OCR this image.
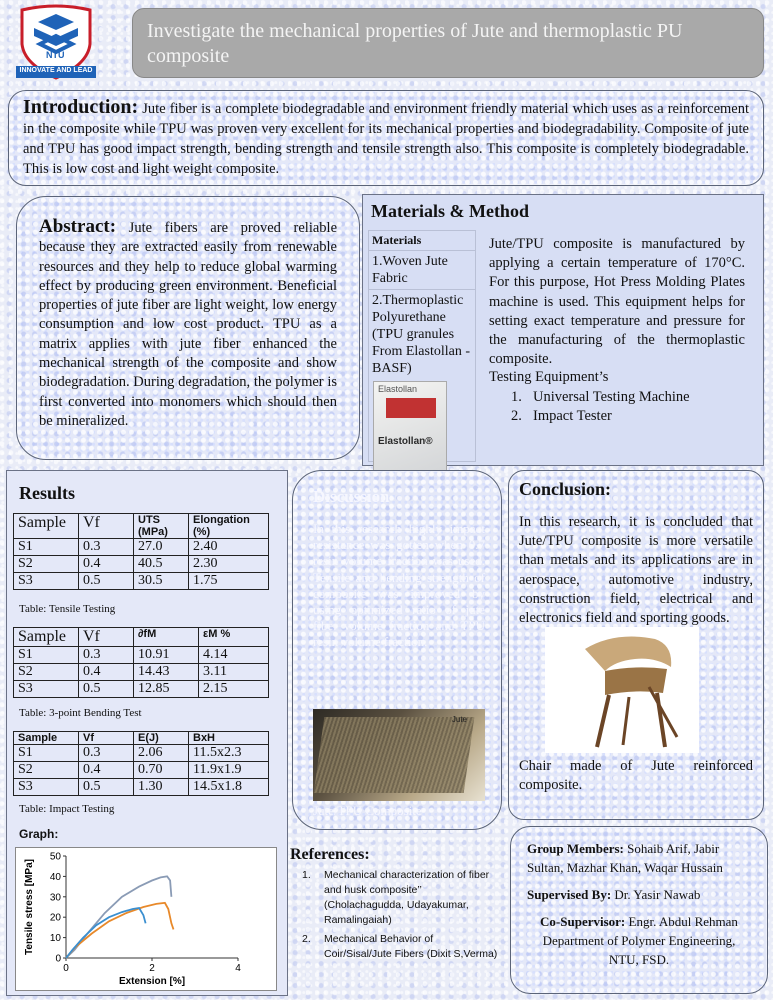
NTU
INNOVATE AND LEAD
Investigate the mechanical properties of Jute and thermoplastic PU composite

Introduction: Jute fiber is a complete biodegradable and environment friendly material which uses as a reinforcement in the composite while TPU was proven very excellent for its mechanical properties and biodegradability. Composite of jute and TPU has good impact strength, bending strength and tensile strength also. This composite is completely biodegradable. This is low cost and light weight composite.

Abstract: Jute fibers are proved reliable because they are extracted easily from renewable resources and they help to reduce global warming effect by producing green environment. Beneficial properties of jute fiber are light weight, low energy consumption and low cost product. TPU as a matrix applies with jute fiber enhanced the mechanical strength of the composite and show biodegradation. During degradation, the polymer is first converted into monomers which should then be mineralized.

Materials & Method
Materials
1.Woven Jute Fabric
2.Thermoplastic Polyurethane (TPU granules From Elastollan - BASF)
Elastollan
Elastollan®
Jute/TPU composite is manufactured by applying a certain temperature of 170°C. For this purpose, Hot Press Molding Plates machine is used. This equipment helps for setting exact temperature and pressure for the manufacturing of the thermoplastic composite.
Testing Equipment’s
1. Universal Testing Machine
2. Impact Tester
Results
Sample	Vf	UTS (MPa)	Elongation (%)
S1	0.3	27.0	2.40
S2	0.4	40.5	2.30
S3	0.5	30.5	1.75
Table: Tensile Testing
Sample	Vf	∂fM	εM %
S1	0.3	10.91	4.14
S2	0.4	14.43	3.11
S3	0.5	12.85	2.15
Table: 3-point Bending Test
Sample	Vf	E(J)	BxH
S1	0.3	2.06	11.5x2.3
S2	0.4	0.70	11.9x1.9
S3	0.5	1.30	14.5x1.8
Table: Impact Testing
Graph:
0
10
20
30
40
50
0	2	4
Extension [%]
Tensile stress [MPa]
Discussion
In this research highly impact resistance was gotten when 0.7 resin volume fraction was used. Tensile and bending strength of composite was improved by using optimized ratio of jute fiber volume fraction and TPU resin volume fraction.
Jute
Jute/TPU Composite
Conclusion:
In this research, it is concluded that Jute/TPU composite is more versatile than metals and its applications are in aerospace, automotive industry, construction field, electrical and electronics field and sporting goods.
Chair made of Jute reinforced composite.
References:
1. Mechanical characterization of fiber and husk composite’’ (Cholachagudda, Udayakumar, Ramalingaiah)
2. Mechanical Behavior of Coir/Sisal/Jute Fibers (Dixit S,Verma)
Group Members: Sohaib Arif, Jabir Sultan, Mazhar Khan, Waqar Hussain
Supervised By: Dr. Yasir Nawab
Co-Supervisor: Engr. Abdul Rehman Department of Polymer Engineering, NTU, FSD.
